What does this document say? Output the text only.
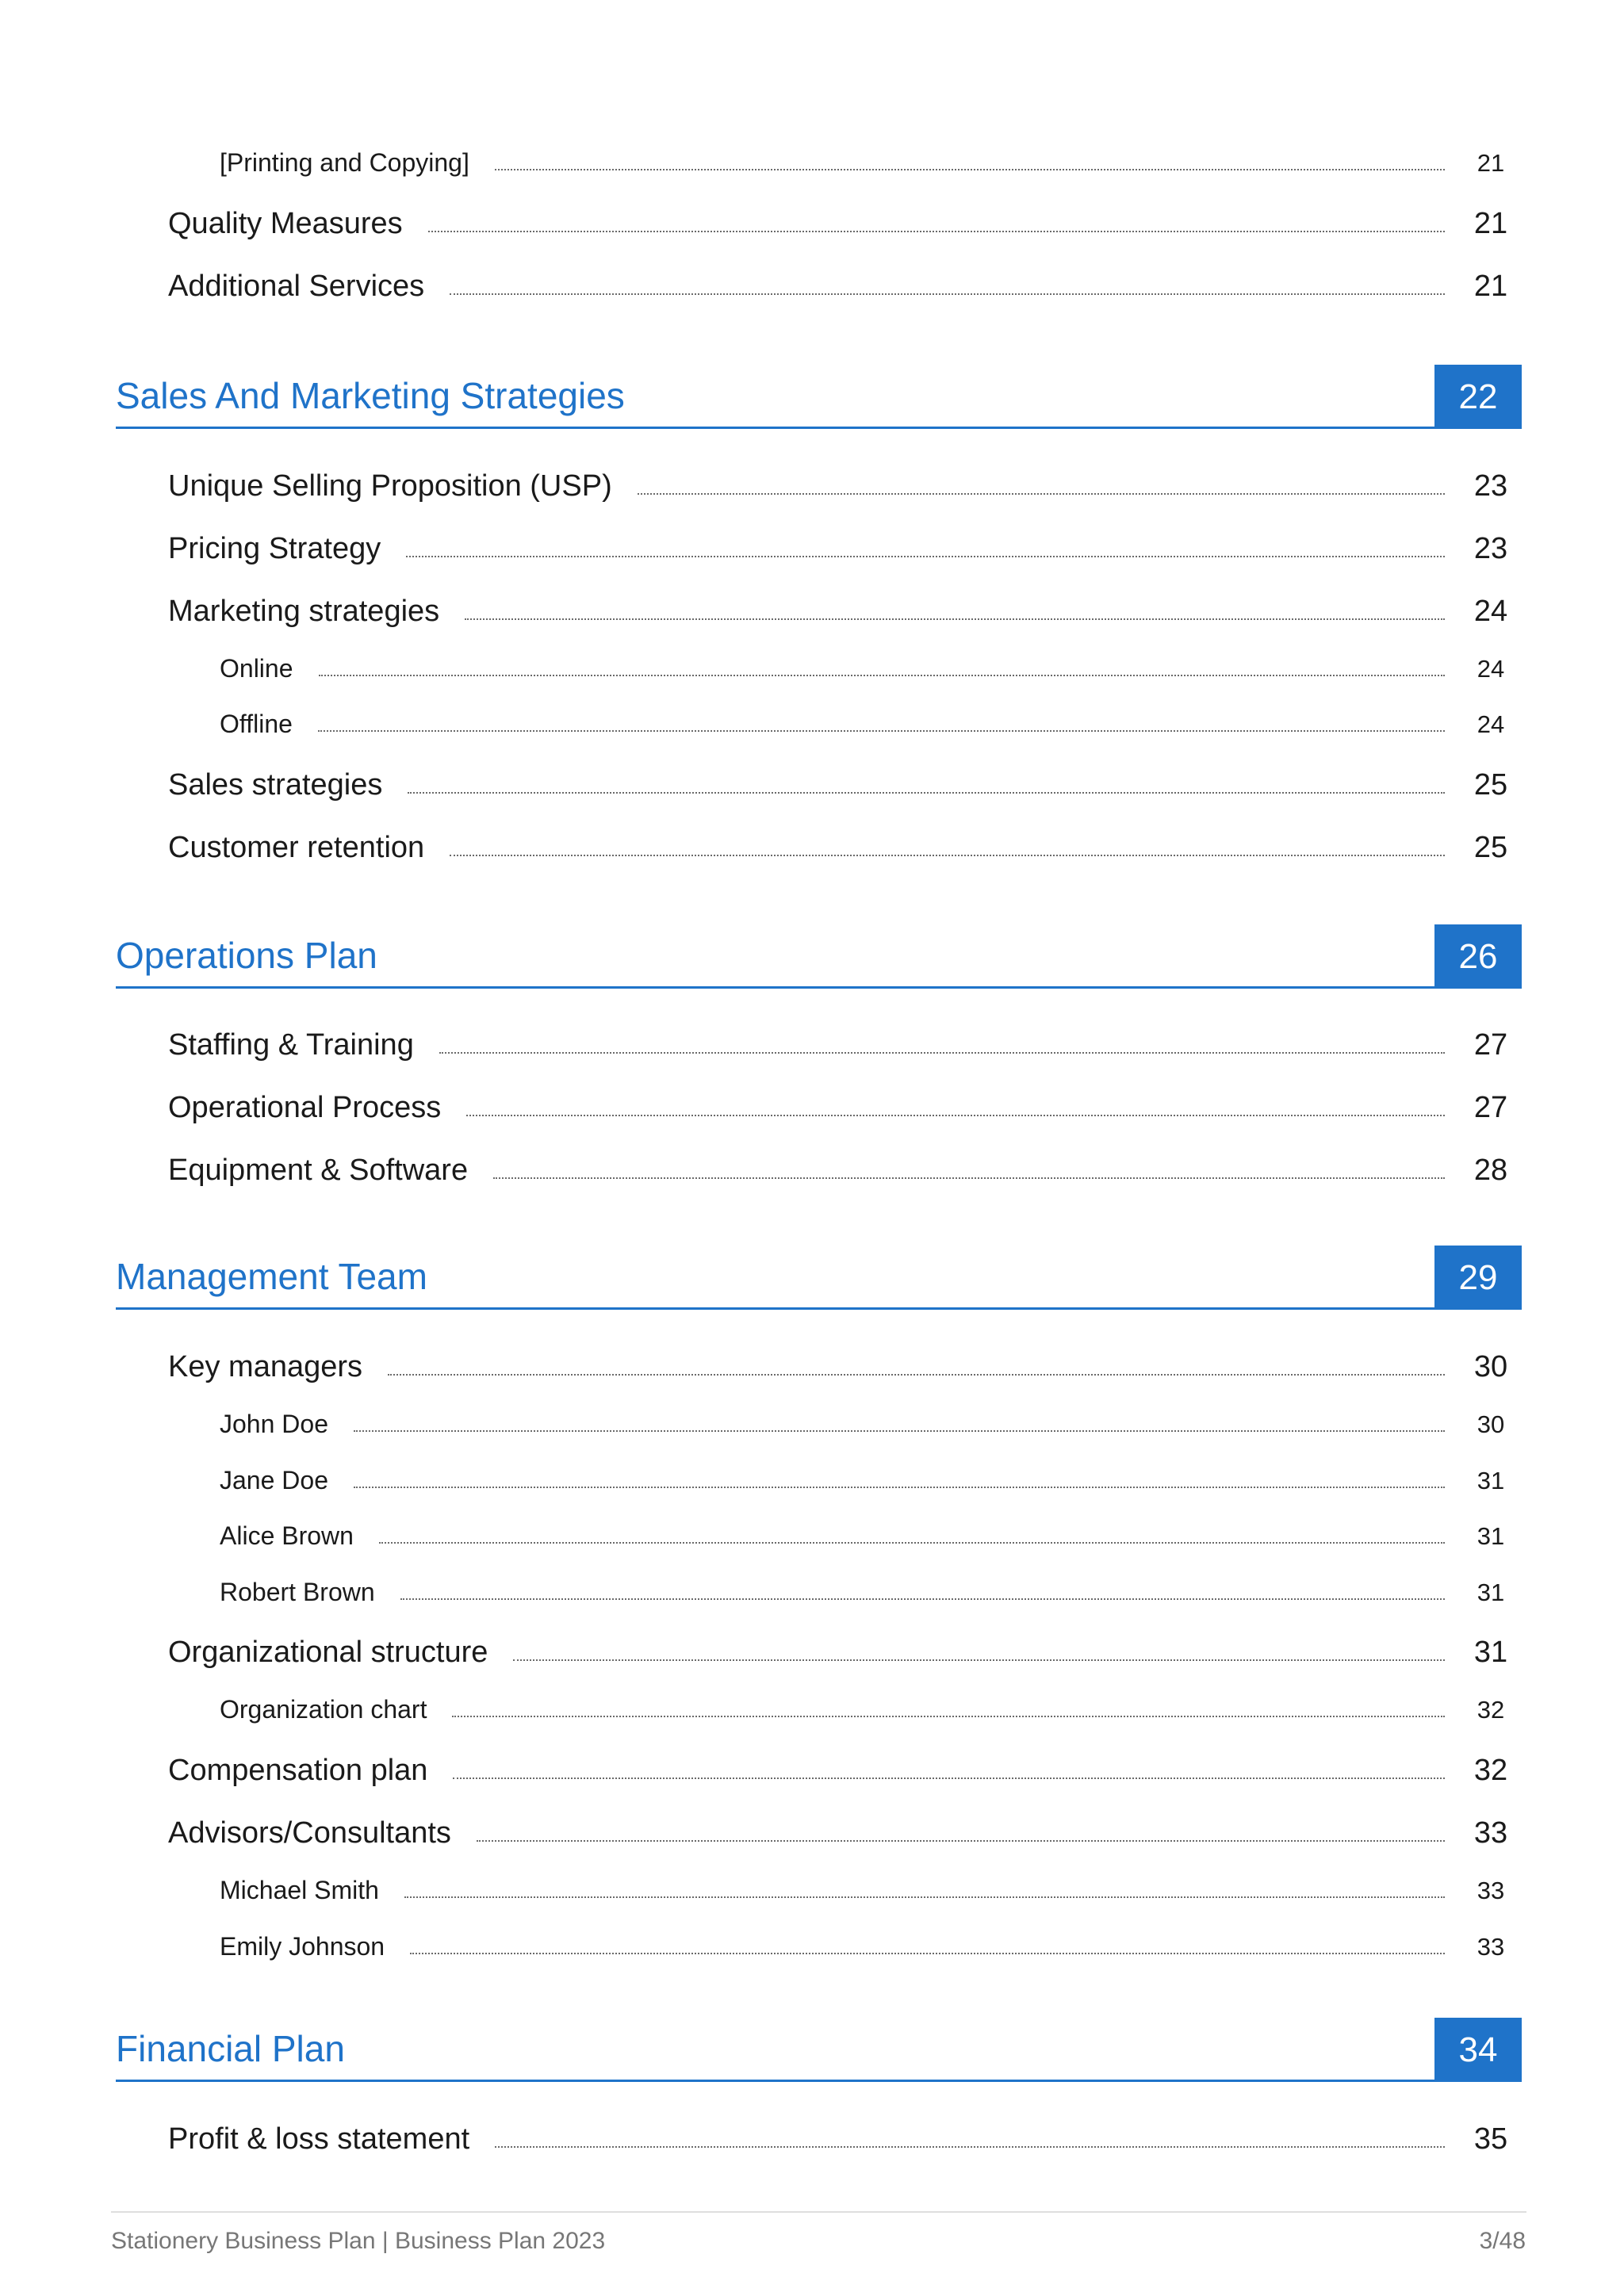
[Printing and Copying]	21
Quality Measures	21
Additional Services	21
Sales And Marketing Strategies	22
Unique Selling Proposition (USP)	23
Pricing Strategy	23
Marketing strategies	24
Online	24
Offline	24
Sales strategies	25
Customer retention	25
Operations Plan	26
Staffing & Training	27
Operational Process	27
Equipment & Software	28
Management Team	29
Key managers	30
John Doe	30
Jane Doe	31
Alice Brown	31
Robert Brown	31
Organizational structure	31
Organization chart	32
Compensation plan	32
Advisors/Consultants	33
Michael Smith	33
Emily Johnson	33
Financial Plan	34
Profit & loss statement	35
Stationery Business Plan | Business Plan 2023	3/48
